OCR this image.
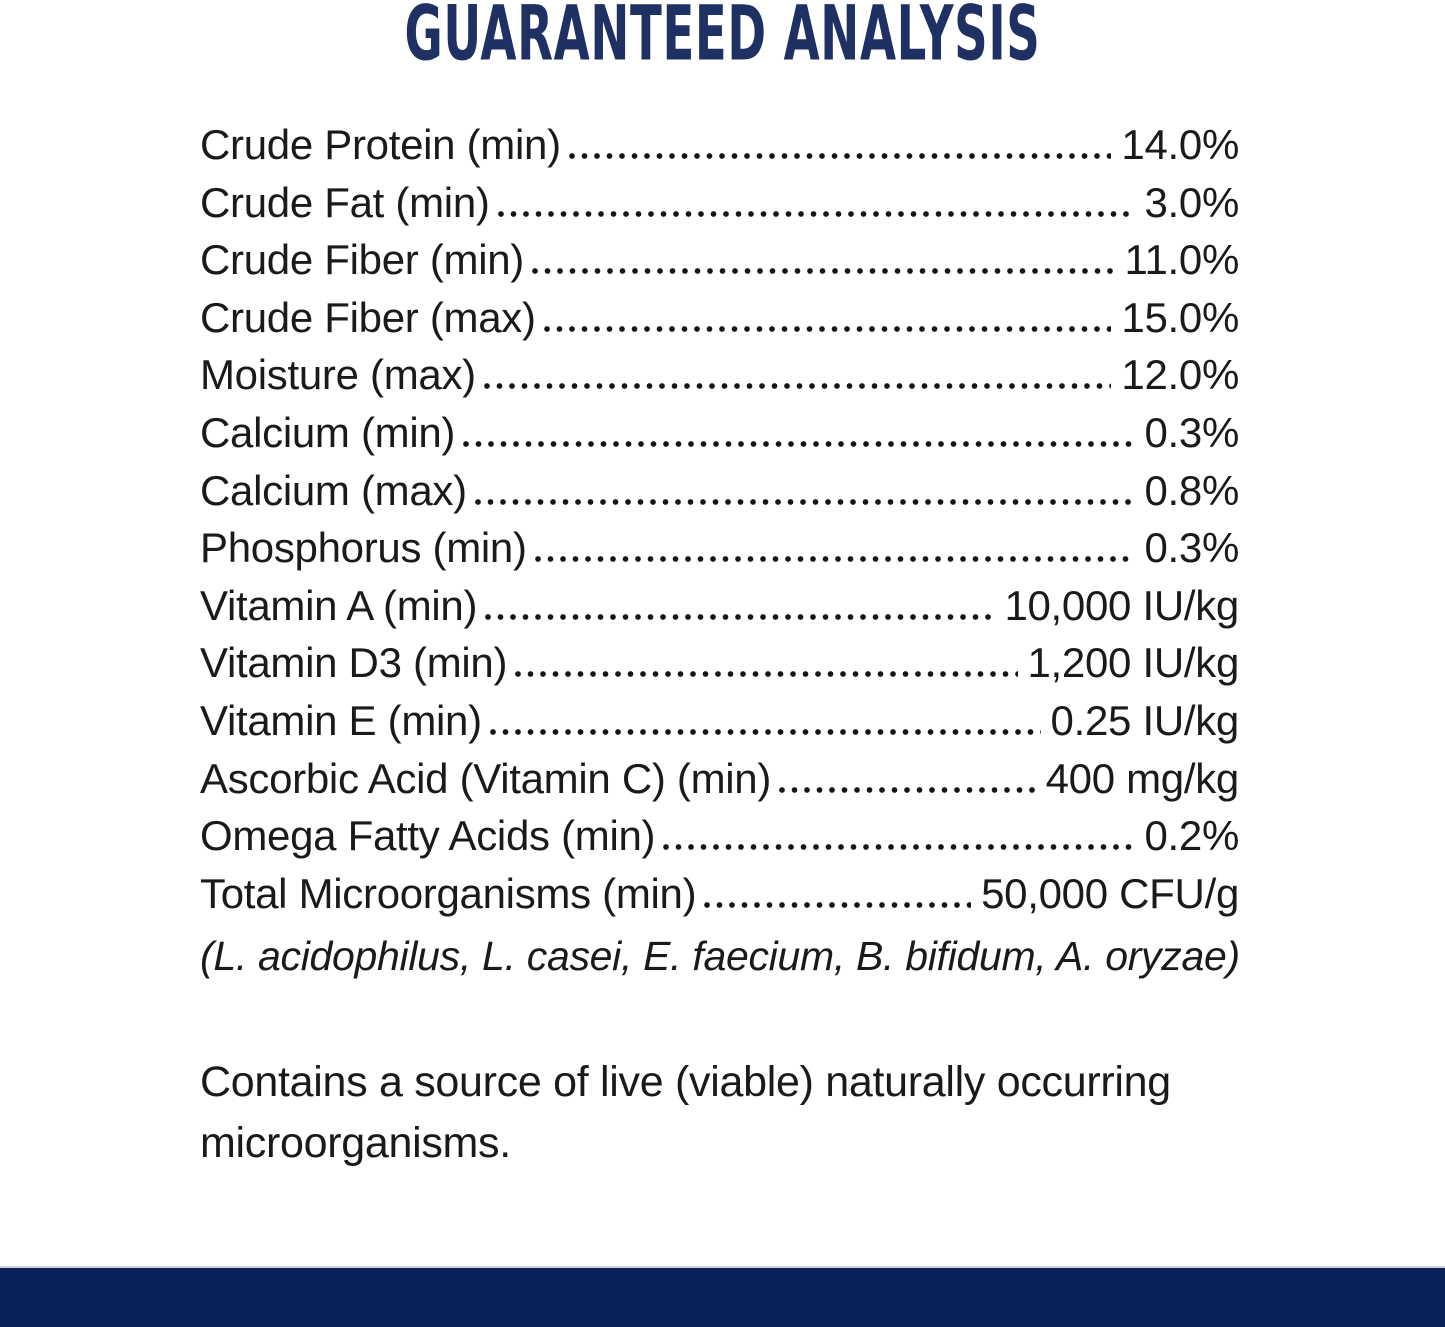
GUARANTEED ANALYSIS
Crude Protein (min)	14.0%
Crude Fat (min)	3.0%
Crude Fiber (min)	11.0%
Crude Fiber (max)	15.0%
Moisture (max)	12.0%
Calcium (min)	0.3%
Calcium (max)	0.8%
Phosphorus (min)	0.3%
Vitamin A (min)	10,000 IU/kg
Vitamin D3 (min)	1,200 IU/kg
Vitamin E (min)	0.25 IU/kg
Ascorbic Acid (Vitamin C) (min)	400 mg/kg
Omega Fatty Acids (min)	0.2%
Total Microorganisms (min)	50,000 CFU/g

(L. acidophilus, L. casei, E. faecium, B. bifidum, A. oryzae)

Contains a source of live (viable) naturally occurring
microorganisms.
